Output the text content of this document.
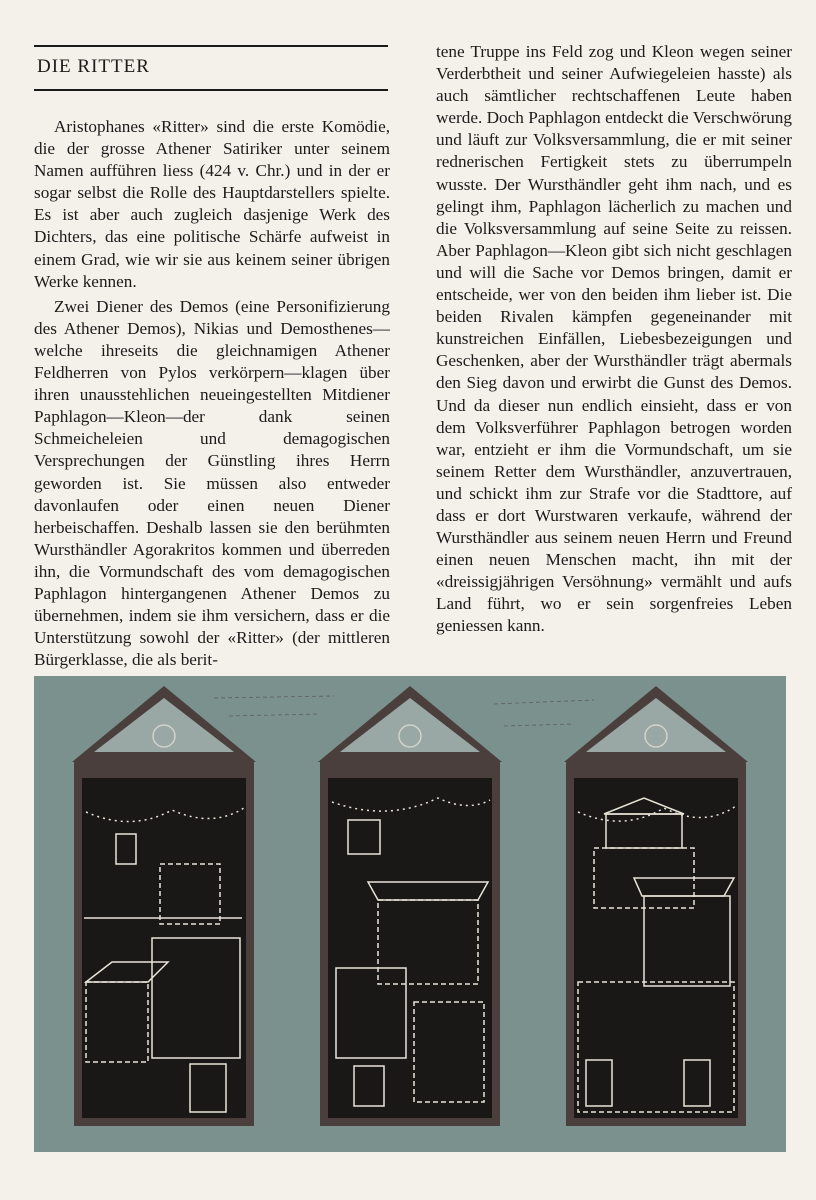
DIE RITTER

Aristophanes «Ritter» sind die erste Komödie, die der grosse Athener Satiriker unter seinem Namen aufführen liess (424 v. Chr.) und in der er sogar selbst die Rolle des Hauptdarstellers spielte. Es ist aber auch zugleich dasjenige Werk des Dichters, das eine politische Schärfe aufweist in einem Grad, wie wir sie aus keinem seiner übrigen Werke kennen.

Zwei Diener des Demos (eine Personifizierung des Athener Demos), Nikias und Demosthenes—welche ihreseits die gleichnamigen Athener Feldherren von Pylos verkörpern—klagen über ihren unausstehlichen neueingestellten Mitdiener Paphlagon—Kleon—der dank seinen Schmeicheleien und demagogischen Versprechungen der Günstling ihres Herrn geworden ist. Sie müssen also entweder davonlaufen oder einen neuen Diener herbeischaffen. Deshalb lassen sie den berühmten Wursthändler Agorakritos kommen und überreden ihn, die Vormundschaft des vom demagogischen Paphlagon hintergangenen Athener Demos zu übernehmen, indem sie ihm versichern, dass er die Unterstützung sowohl der «Ritter» (der mittleren Bürgerklasse, die als berit-

tene Truppe ins Feld zog und Kleon wegen seiner Verderbtheit und seiner Aufwiegeleien hasste) als auch sämtlicher rechtschaffenen Leute haben werde. Doch Paphlagon entdeckt die Verschwörung und läuft zur Volksversammlung, die er mit seiner rednerischen Fertigkeit stets zu überrumpeln wusste. Der Wursthändler geht ihm nach, und es gelingt ihm, Paphlagon lächerlich zu machen und die Volksversammlung auf seine Seite zu reissen. Aber Paphlagon—Kleon gibt sich nicht geschlagen und will die Sache vor Demos bringen, damit er entscheide, wer von den beiden ihm lieber ist. Die beiden Rivalen kämpfen gegeneinander mit kunstreichen Einfällen, Liebesbezeigungen und Geschenken, aber der Wursthändler trägt abermals den Sieg davon und erwirbt die Gunst des Demos. Und da dieser nun endlich einsieht, dass er von dem Volksverführer Paphlagon betrogen worden war, entzieht er ihm die Vormundschaft, um sie seinem Retter dem Wursthändler, anzuvertrauen, und schickt ihm zur Strafe vor die Stadttore, auf dass er dort Wurstwaren verkaufe, während der Wursthändler aus seinem neuen Herrn und Freund einen neuen Menschen macht, ihn mit der «dreissigjährigen Versöhnung» vermählt und aufs Land führt, wo er sein sorgenfreies Leben geniessen kann.
